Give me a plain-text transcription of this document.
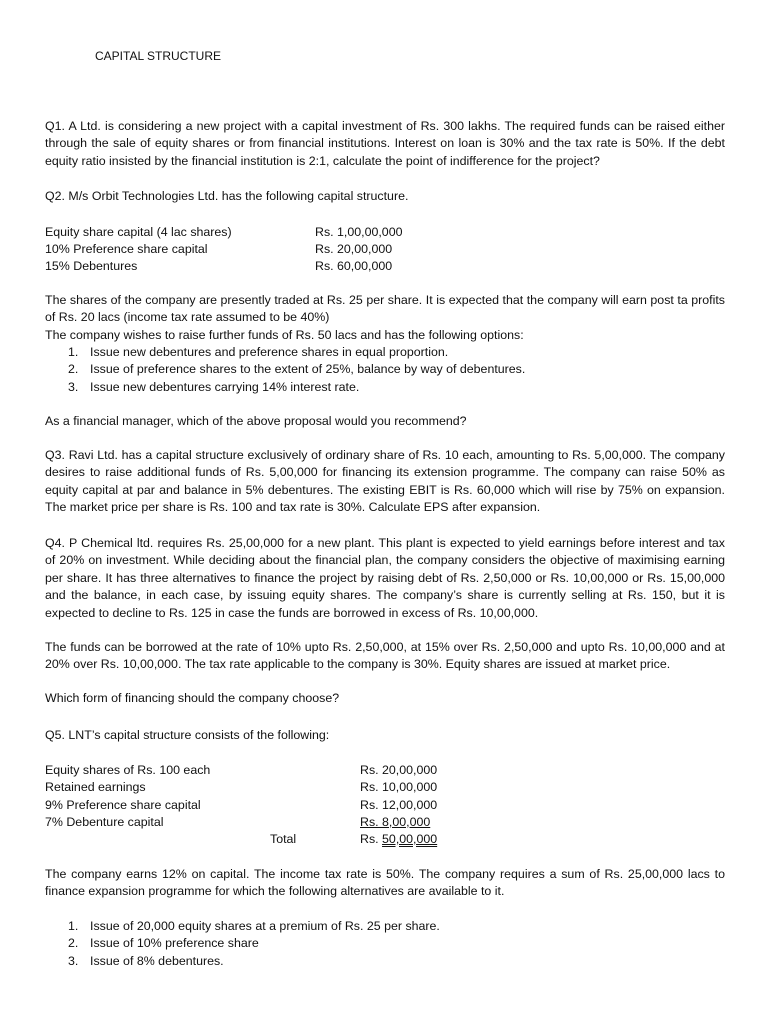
CAPITAL STRUCTURE
Q1. A Ltd. is considering a new project with a capital investment of Rs. 300 lakhs. The required funds can be raised either through the sale of equity shares or from financial institutions. Interest on loan is 30% and the tax rate is 50%. If the debt equity ratio insisted by the financial institution is 2:1, calculate the point of indifference for the project?
Q2. M/s Orbit Technologies Ltd. has the following capital structure.
Equity share capital (4 lac shares)	Rs. 1,00,00,000
10% Preference share capital	Rs. 20,00,000
15% Debentures	Rs. 60,00,000
The shares of the company are presently traded at Rs. 25 per share. It is expected that the company will earn post ta profits of Rs. 20 lacs (income tax rate assumed to be 40%)
The company wishes to raise further funds of Rs. 50 lacs and has the following options:
1. Issue new debentures and preference shares in equal proportion.
2. Issue of preference shares to the extent of 25%, balance by way of debentures.
3. Issue new debentures carrying 14% interest rate.
As a financial manager, which of the above proposal would you recommend?
Q3. Ravi Ltd. has a capital structure exclusively of ordinary share of Rs. 10 each, amounting to Rs. 5,00,000. The company desires to raise additional funds of Rs. 5,00,000 for financing its extension programme. The company can raise 50% as equity capital at par and balance in 5% debentures. The existing EBIT is Rs. 60,000 which will rise by 75% on expansion. The market price per share is Rs. 100 and tax rate is 30%. Calculate EPS after expansion.
Q4. P Chemical ltd. requires Rs. 25,00,000 for a new plant. This plant is expected to yield earnings before interest and tax of 20% on investment. While deciding about the financial plan, the company considers the objective of maximising earning per share. It has three alternatives to finance the project by raising debt of Rs. 2,50,000 or Rs. 10,00,000 or Rs. 15,00,000 and the balance, in each case, by issuing equity shares. The company’s share is currently selling at Rs. 150, but it is expected to decline to Rs. 125 in case the funds are borrowed in excess of Rs. 10,00,000.
The funds can be borrowed at the rate of 10% upto Rs. 2,50,000, at 15% over Rs. 2,50,000 and upto Rs. 10,00,000 and at 20% over Rs. 10,00,000. The tax rate applicable to the company is 30%. Equity shares are issued at market price.
Which form of financing should the company choose?
Q5. LNT’s capital structure consists of the following:
Equity shares of Rs. 100 each	Rs. 20,00,000
Retained earnings	Rs. 10,00,000
9% Preference share capital	Rs. 12,00,000
7% Debenture capital	Rs. 8,00,000
Total	Rs. 50,00,000
The company earns 12% on capital. The income tax rate is 50%. The company requires a sum of Rs. 25,00,000 lacs to finance expansion programme for which the following alternatives are available to it.
1. Issue of 20,000 equity shares at a premium of Rs. 25 per share.
2. Issue of 10% preference share
3. Issue of 8% debentures.
